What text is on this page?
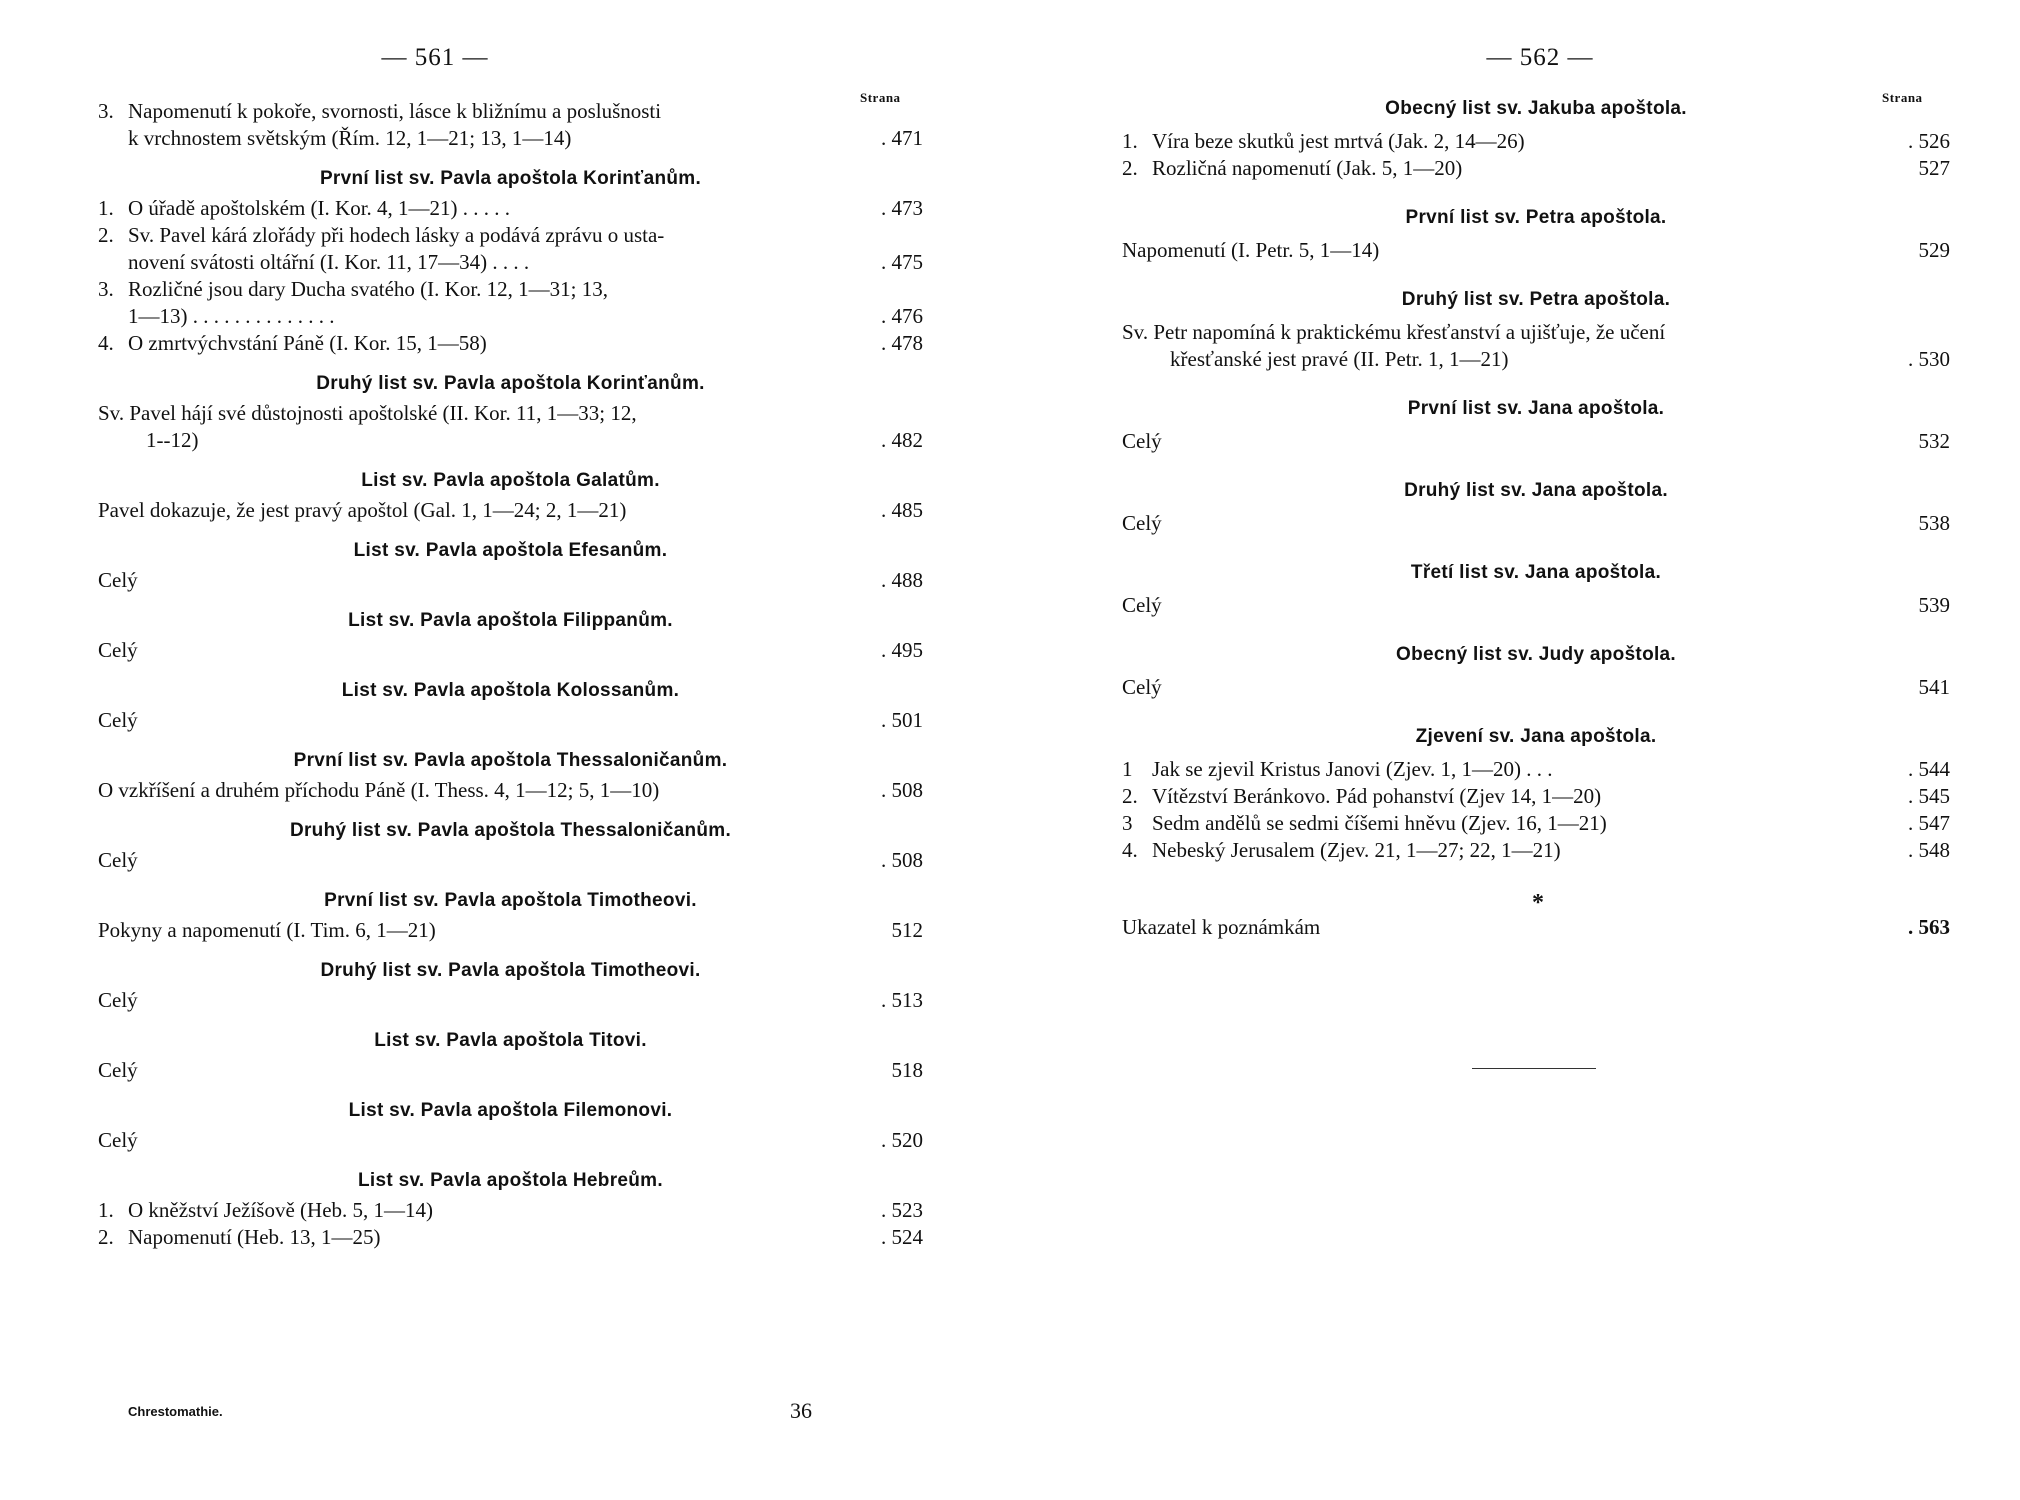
— 561 —
Strana
3. Napomenutí k pokoře, svornosti, lásce k bližnímu a poslušnosti
k vrchnostem světským (Řím. 12, 1—21; 13, 1—14)	. 471
První list sv. Pavla apoštola Korinťanům.
1. O úřadě apoštolském (I. Kor. 4, 1—21) . . . . .	. 473
2. Sv. Pavel kárá zlořády při hodech lásky a podává zprávu o usta-
novení svátosti oltářní (I. Kor. 11, 17—34) . . . .	. 475
3. Rozličné jsou dary Ducha svatého (I. Kor. 12, 1—31; 13,
1—13) . . . . . . . . . . . . . .	. 476
4. O zmrtvýchvstání Páně (I. Kor. 15, 1—58)	. 478
Druhý list sv. Pavla apoštola Korinťanům.
Sv. Pavel hájí své důstojnosti apoštolské (II. Kor. 11, 1—33; 12,
1--12)	. 482
List sv. Pavla apoštola Galatům.
Pavel dokazuje, že jest pravý apoštol (Gal. 1, 1—24; 2, 1—21)	. 485
List sv. Pavla apoštola Efesanům.
Celý	. 488
List sv. Pavla apoštola Filippanům.
Celý	. 495
List sv. Pavla apoštola Kolossanům.
Celý	. 501
První list sv. Pavla apoštola Thessaloničanům.
O vzkříšení a druhém příchodu Páně (I. Thess. 4, 1—12; 5, 1—10)	. 508
Druhý list sv. Pavla apoštola Thessaloničanům.
Celý	. 508
První list sv. Pavla apoštola Timotheovi.
Pokyny a napomenutí (I. Tim. 6, 1—21)	512
Druhý list sv. Pavla apoštola Timotheovi.
Celý	. 513
List sv. Pavla apoštola Titovi.
Celý	518
List sv. Pavla apoštola Filemonovi.
Celý	. 520
List sv. Pavla apoštola Hebreům.
1. O kněžství Ježíšově (Heb. 5, 1—14)	. 523
2. Napomenutí (Heb. 13, 1—25)	. 524
Chrestomathie.	36
— 562 —
Strana
Obecný list sv. Jakuba apoštola.
1. Víra beze skutků jest mrtvá (Jak. 2, 14—26)	. 526
2. Rozličná napomenutí (Jak. 5, 1—20)	527
První list sv. Petra apoštola.
Napomenutí (I. Petr. 5, 1—14)	529
Druhý list sv. Petra apoštola.
Sv. Petr napomíná k praktickému křesťanství a ujišťuje, že učení
křesťanské jest pravé (II. Petr. 1, 1—21)	. 530
První list sv. Jana apoštola.
Celý	532
Druhý list sv. Jana apoštola.
Celý	538
Třetí list sv. Jana apoštola.
Celý	539
Obecný list sv. Judy apoštola.
Celý	541
Zjevení sv. Jana apoštola.
1 Jak se zjevil Kristus Janovi (Zjev. 1, 1—20) . . .	. 544
2. Vítězství Beránkovo. Pád pohanství (Zjev 14, 1—20)	. 545
3 Sedm andělů se sedmi číšemi hněvu (Zjev. 16, 1—21)	. 547
4. Nebeský Jerusalem (Zjev. 21, 1—27; 22, 1—21)	. 548
Ukazatel k poznámkám	. 563
*
